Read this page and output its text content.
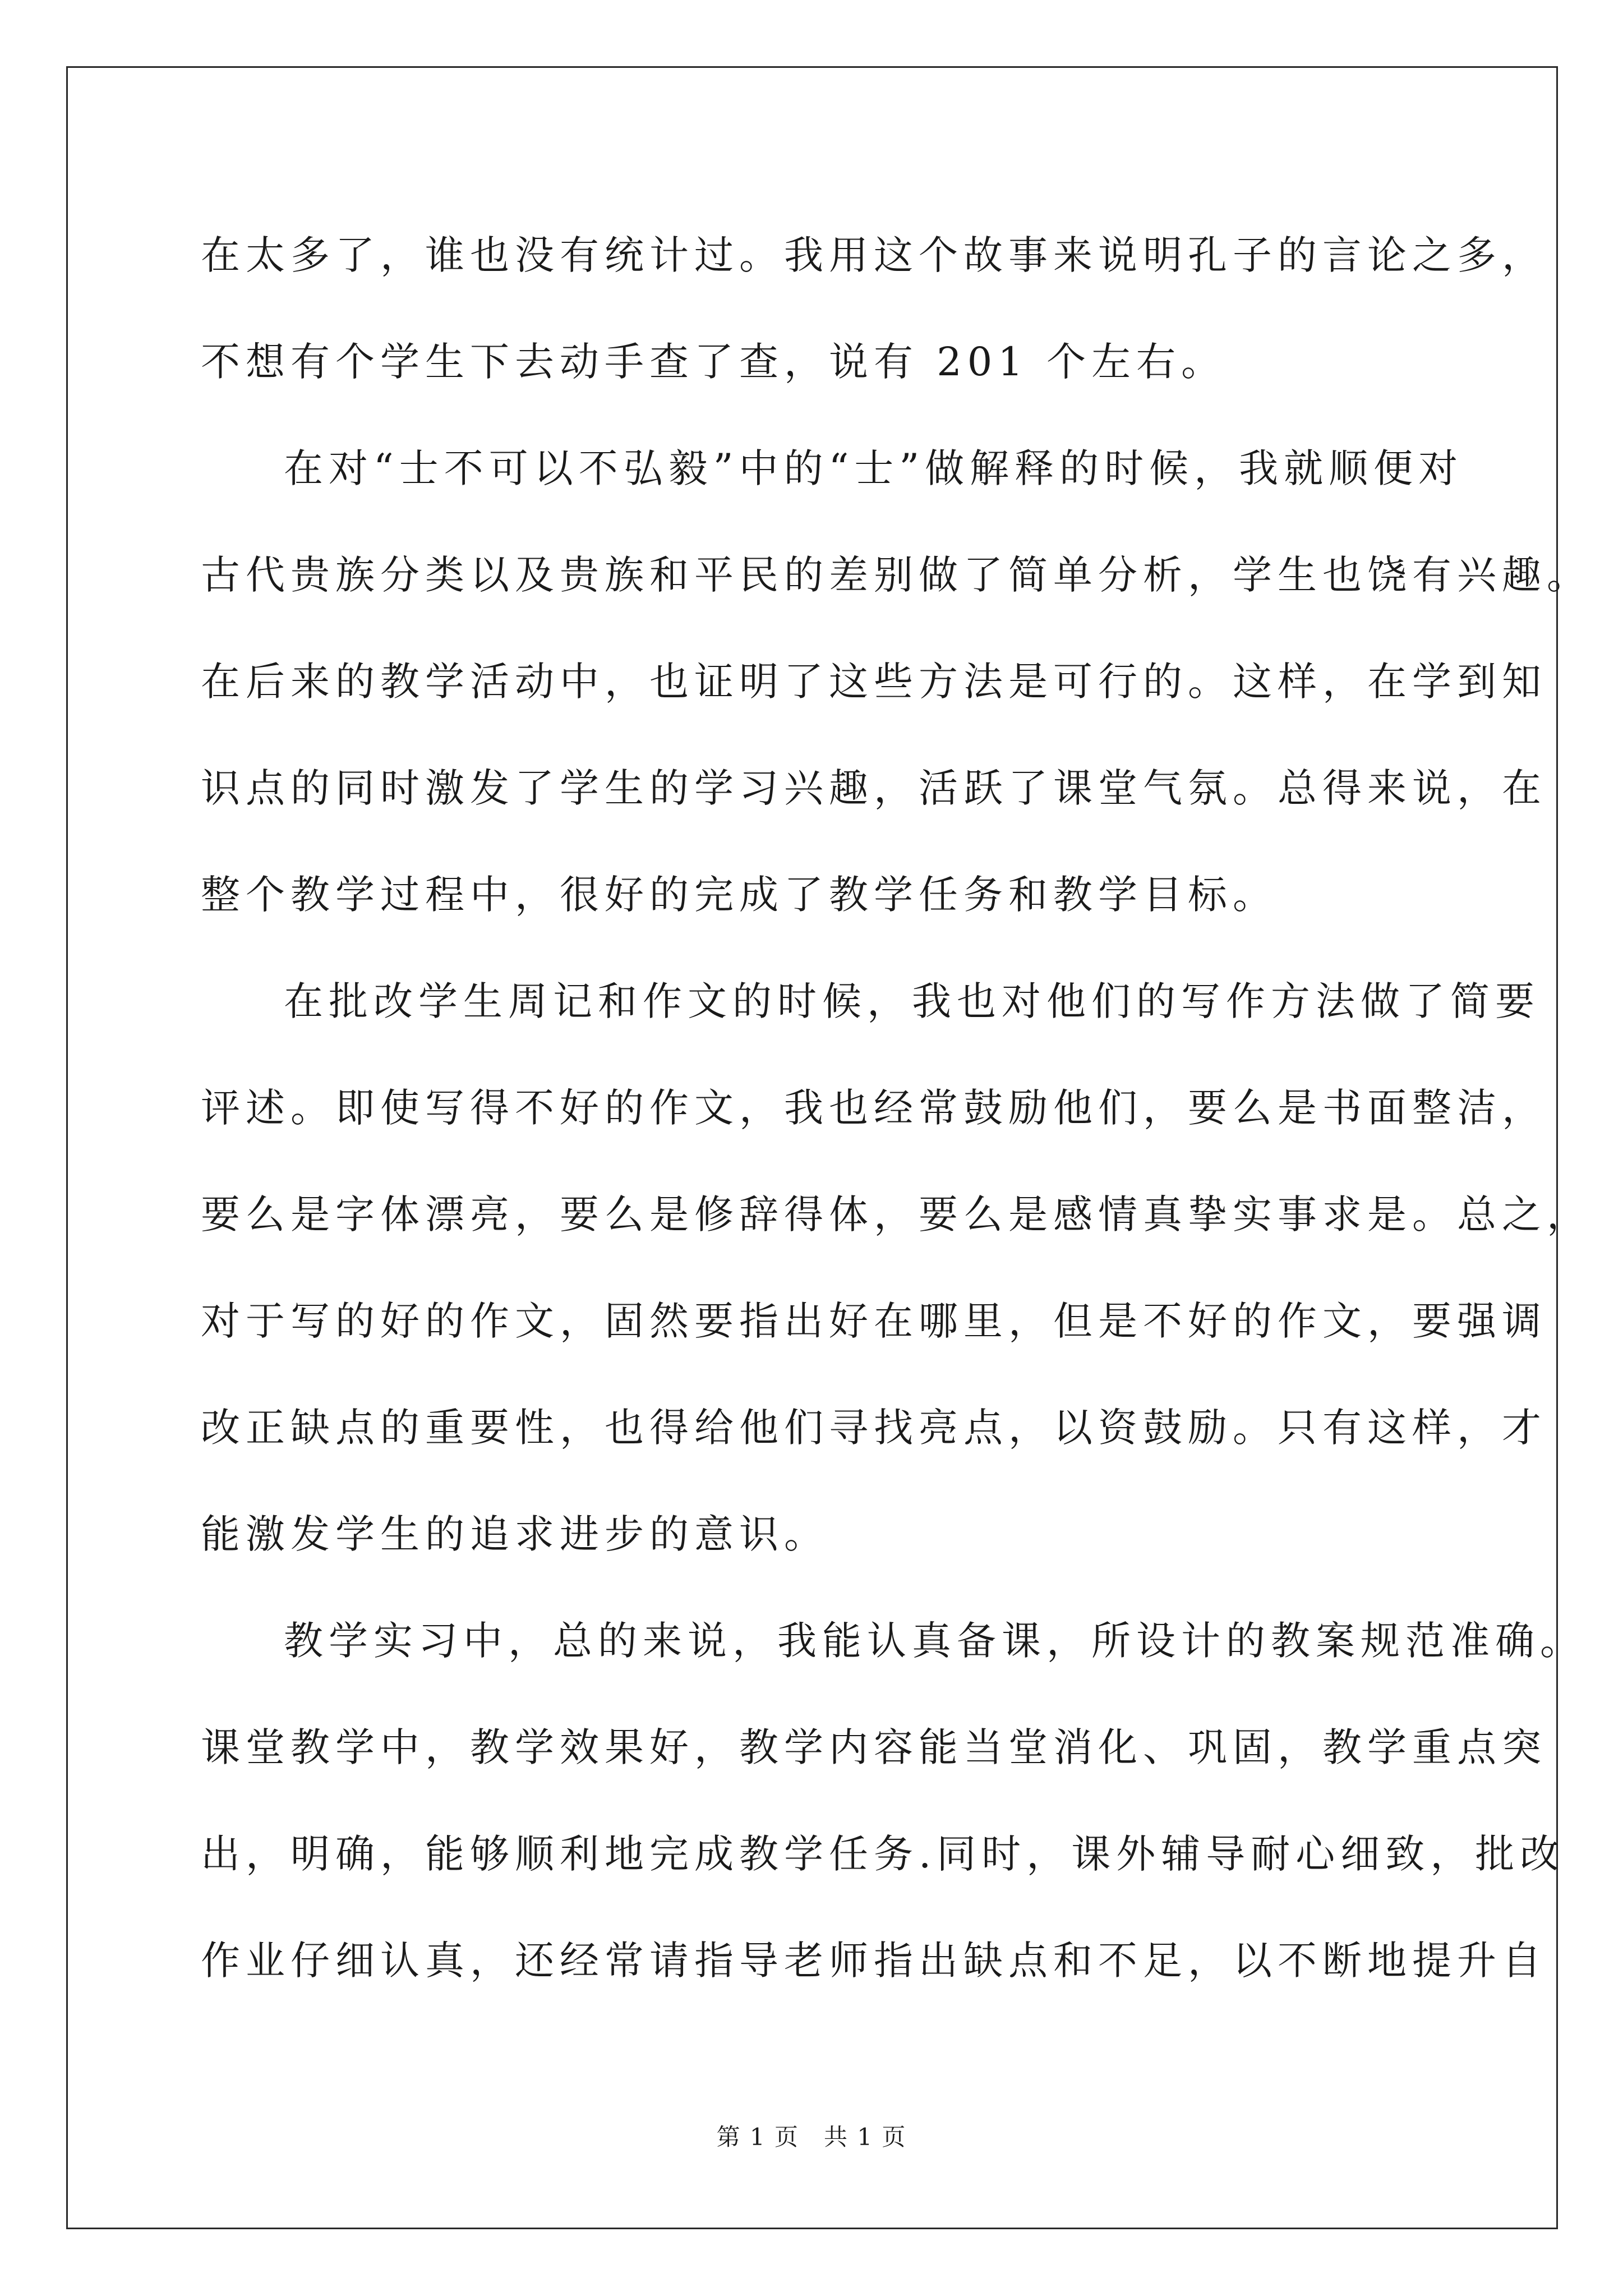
在太多了，谁也没有统计过。我用这个故事来说明孔子的言论之多，
不想有个学生下去动手查了查，说有 201 个左右。
在对“士不可以不弘毅”中的“士”做解释的时候，我就顺便对
古代贵族分类以及贵族和平民的差别做了简单分析，学生也饶有兴趣。
在后来的教学活动中，也证明了这些方法是可行的。这样，在学到知
识点的同时激发了学生的学习兴趣，活跃了课堂气氛。总得来说，在
整个教学过程中，很好的完成了教学任务和教学目标。
在批改学生周记和作文的时候，我也对他们的写作方法做了简要
评述。即使写得不好的作文，我也经常鼓励他们，要么是书面整洁，
要么是字体漂亮，要么是修辞得体，要么是感情真挚实事求是。总之，
对于写的好的作文，固然要指出好在哪里，但是不好的作文，要强调
改正缺点的重要性，也得给他们寻找亮点，以资鼓励。只有这样，才
能激发学生的追求进步的意识。
教学实习中，总的来说，我能认真备课，所设计的教案规范准确。
课堂教学中，教学效果好，教学内容能当堂消化、巩固，教学重点突
出，明确，能够顺利地完成教学任务.同时，课外辅导耐心细致，批改
作业仔细认真，还经常请指导老师指出缺点和不足，以不断地提升自
第 1 页 共 1 页
